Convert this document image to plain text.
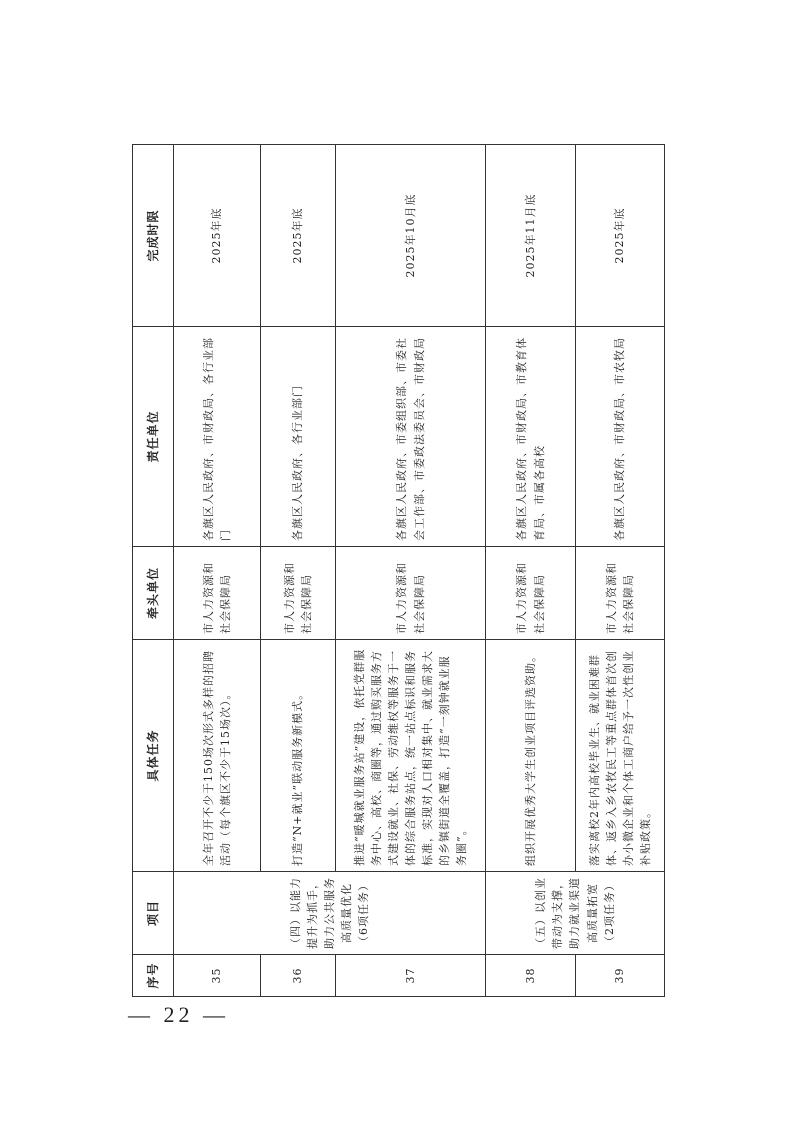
— 22 —
序号	项目	具体任务	牵头单位	责任单位	完成时限
35	（四）以能力提升为抓手，助力公共服务高质量优化（6项任务）	全年召开不少于150场次形式多样的招聘活动（每个旗区不少于15场次）。	市人力资源和社会保障局	各旗区人民政府、市财政局、各行业部门	2025年底
36		打造“N+就业”联动服务新模式。	市人力资源和社会保障局	各旗区人民政府、各行业部门	2025年底
37		推进“暖城就业服务站”建设，依托党群服务中心、高校、商圈等，通过购买服务方式建设就业、社保、劳动维权等服务于一体的综合服务站点，统一站点标识和服务标准，实现对人口相对集中、就业需求大的乡镇街道全覆盖，打造“一刻钟就业服务圈”。	市人力资源和社会保障局	各旗区人民政府、市委组织部、市委社会工作部、市委政法委员会、市财政局	2025年10月底
38	（五）以创业带动为支撑，助力就业渠道高质量拓宽（2项任务）	组织开展优秀大学生创业项目评选资助。	市人力资源和社会保障局	各旗区人民政府、市财政局、市教育体育局、市属各高校	2025年11月底
39		落实离校2年内高校毕业生、就业困难群体、返乡入乡农牧民工等重点群体首次创办小微企业和个体工商户给予一次性创业补贴政策。	市人力资源和社会保障局	各旗区人民政府、市财政局、市农牧局	2025年底
